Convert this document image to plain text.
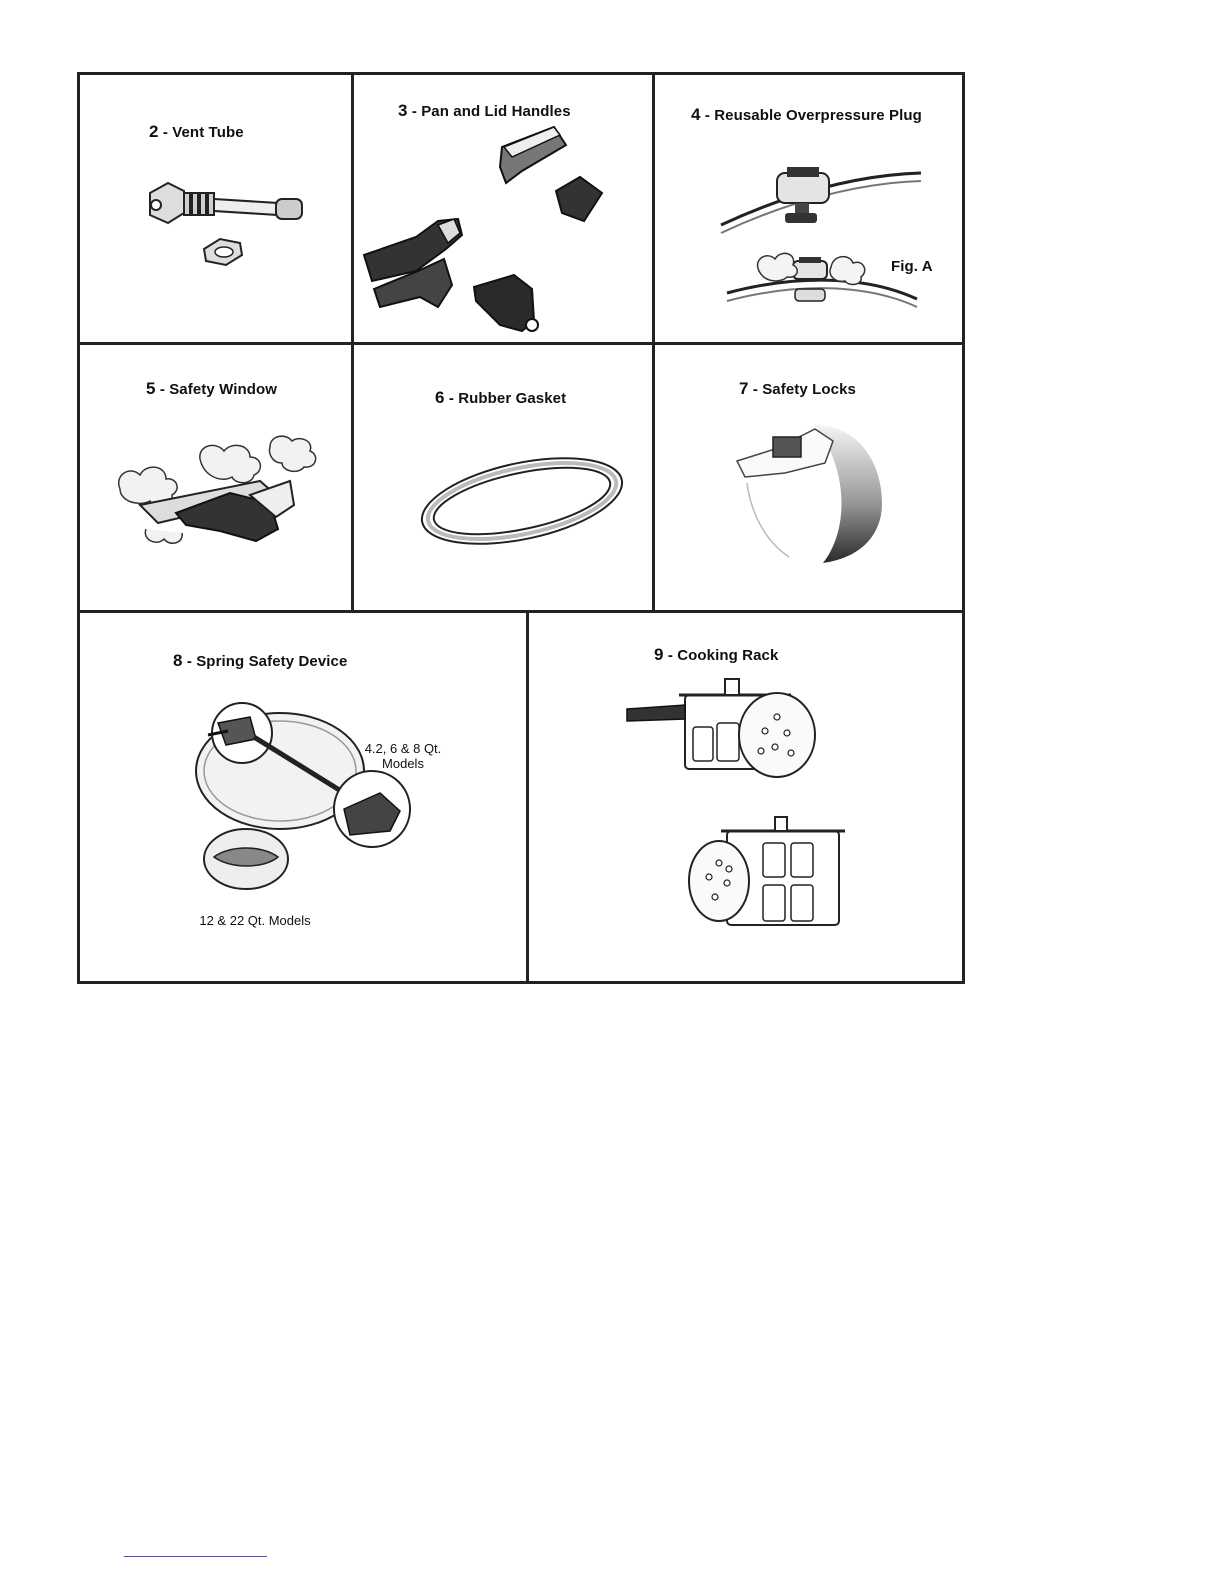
2 - Vent Tube
3 - Pan and Lid Handles	4 - Reusable Overpressure Plug
Fig. A
5 - Safety Window	6 - Rubber Gasket
7 - Safety Locks
8 - Spring Safety Device
4.2, 6 & 8 Qt.
Models
12 & 22 Qt. Models
9 - Cooking Rack
